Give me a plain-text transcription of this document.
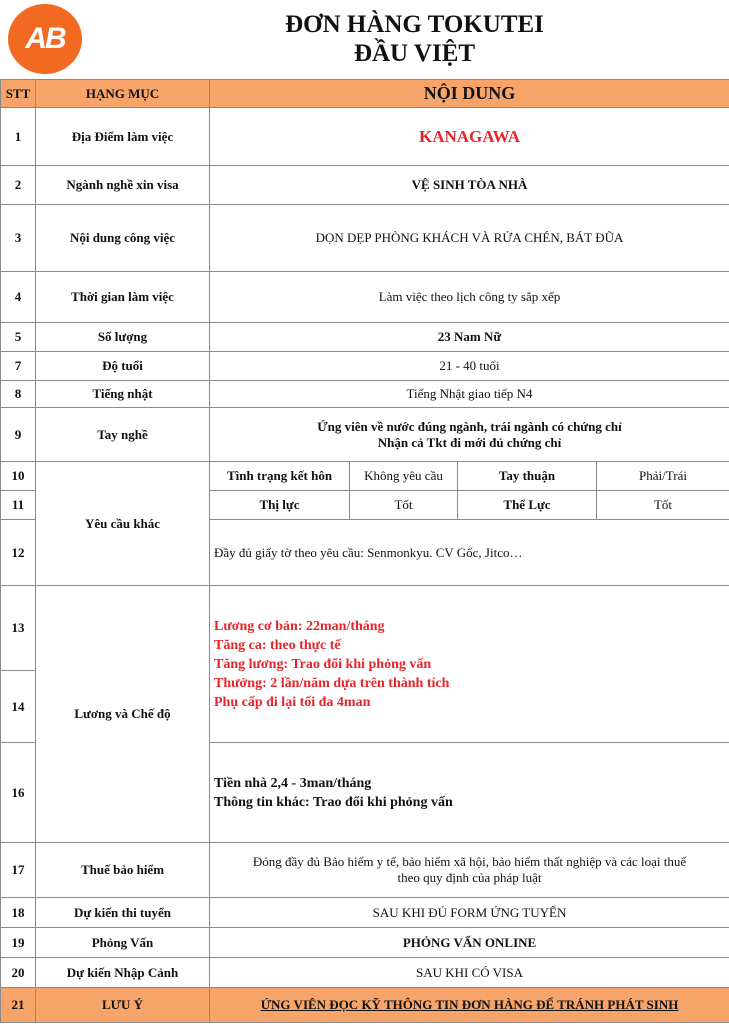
AB	ĐƠN HÀNG TOKUTEI
ĐẦU VIỆT
STT	HẠNG MỤC	NỘI DUNG			
1	Địa Điểm làm việc	KANAGAWA			
2	Ngành nghề xin visa	VỆ SINH TÒA NHÀ			
3	Nội dung công việc	DỌN DẸP PHÒNG KHÁCH VÀ RỬA CHÉN, BÁT ĐŨA			
4	Thời gian làm việc	Làm việc theo lịch công ty sắp xếp			
5	Số lượng	23 Nam Nữ			
7	Độ tuổi	21 - 40 tuổi			
8	Tiếng nhật	Tiếng Nhật giao tiếp N4			
9	Tay nghề	Ứng viên về nước đúng ngành, trái ngành có chứng chỉ
Nhận cả Tkt đi mới đủ chứng chỉ			

10	Yêu cầu khác	Tình trạng kết hôn	Không yêu cầu	Tay thuận	Phải/Trái
11		Thị lực	Tốt	Thể Lực	Tốt
12		Đầy đủ giấy tờ theo yêu cầu: Senmonkyu. CV Gốc, Jitco…			
13	Lương và Chế độ	Lương cơ bản: 22man/tháng
Tăng ca: theo thực tế
Tăng lương: Trao đổi khi phỏng vấn
Thưởng: 2 lần/năm dựa trên thành tích
Phụ cấp đi lại tối đa 4man			

14					
16		Tiền nhà 2,4 - 3man/tháng
Thông tin khác: Trao đổi khi phỏng vấn			

17	Thuế bảo hiểm	Đóng đầy đủ Bảo hiểm y tế, bảo hiểm xã hội, bảo hiểm thất nghiệp và các loại thuế
theo quy định của pháp luật			

18	Dự kiến thi tuyển	SAU KHI ĐỦ FORM ỨNG TUYỂN			
19	Phỏng Vấn	PHỎNG VẤN ONLINE			
20	Dự kiến Nhập Cảnh	SAU KHI CÓ VISA			
21	LƯU Ý	ỨNG VIÊN ĐỌC KỸ THÔNG TIN ĐƠN HÀNG ĐỂ TRÁNH PHÁT SINH			
